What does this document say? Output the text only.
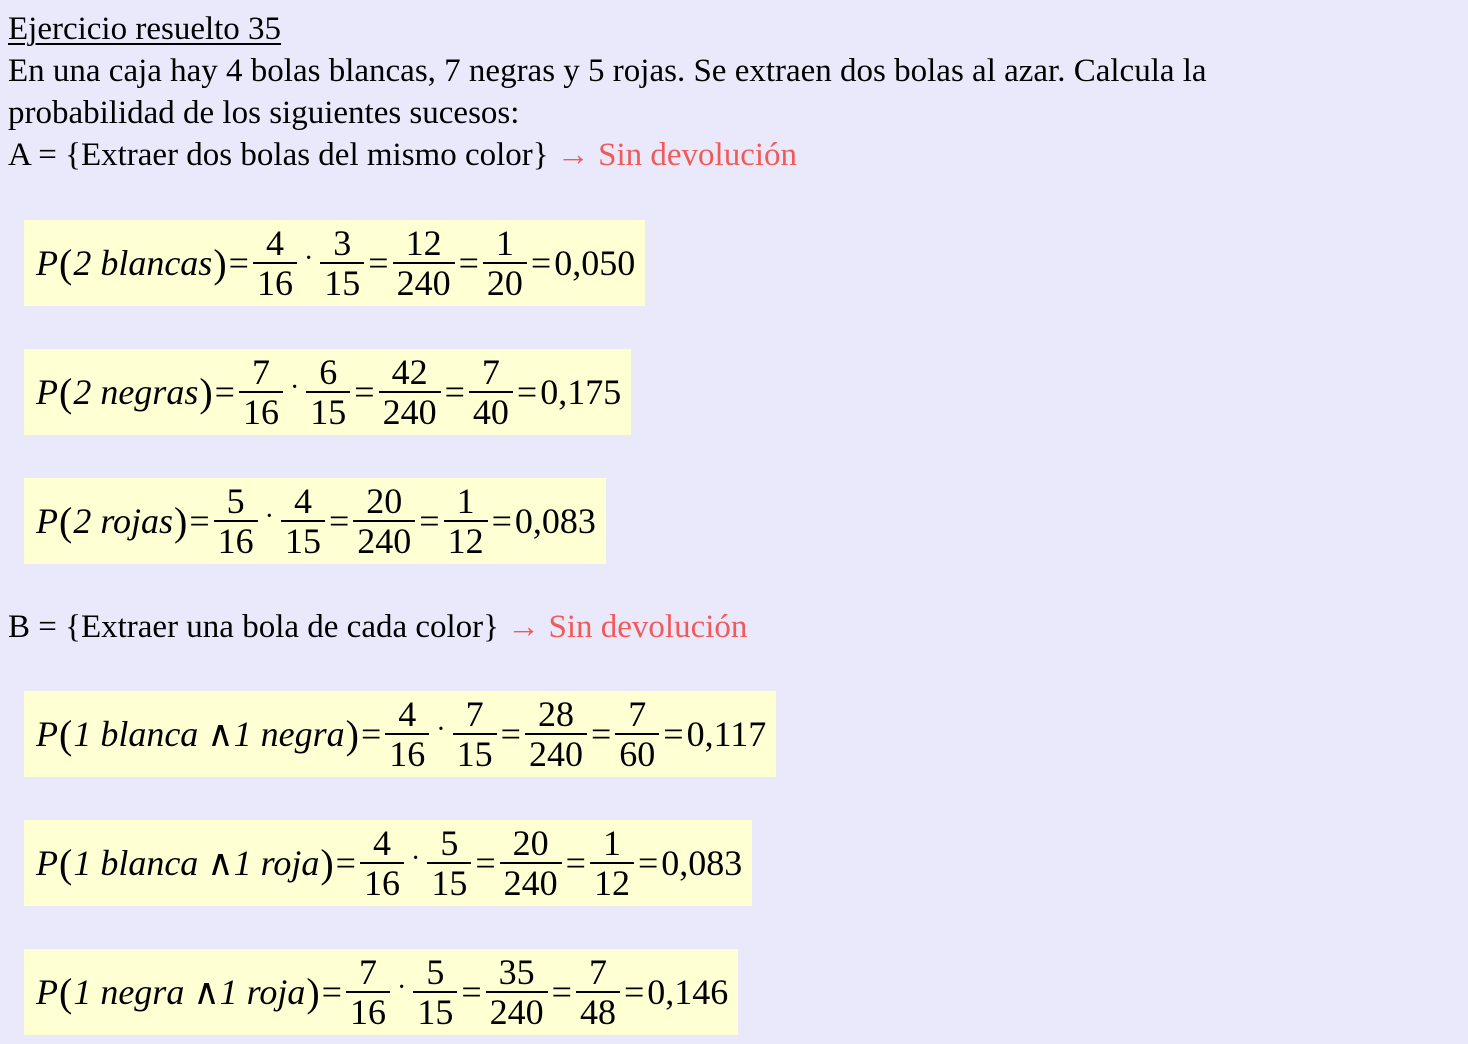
Ejercicio resuelto 35
En una caja hay 4 bolas blancas, 7 negras y 5 rojas. Se extraen dos bolas al azar. Calcula la
probabilidad de los siguientes sucesos:
A = {Extraer dos bolas del mismo color} → Sin devolución
P ( 2 blancas ) = $\frac{4}{16} \cdot \frac{3}{15} = \frac{12}{240} = \frac{1}{20} = 0,050$
P ( 2 negras ) = $\frac{7}{16} \cdot \frac{6}{15} = \frac{42}{240} = \frac{7}{40} = 0,175$
P ( 2 rojas ) = $\frac{5}{16} \cdot \frac{4}{15} = \frac{20}{240} = \frac{1}{12} = 0,083$
B = {Extraer una bola de cada color} → Sin devolución
P ( 1 blanca ∧1 negra ) = $\frac{4}{16} \cdot \frac{7}{15} = \frac{28}{240} = \frac{7}{60} = 0,117$
P ( 1 blanca ∧1 roja ) = $\frac{4}{16} \cdot \frac{5}{15} = \frac{20}{240} = \frac{1}{12} = 0,083$
P ( 1 negra ∧1 roja ) = $\frac{7}{16} \cdot \frac{5}{15} = \frac{35}{240} = \frac{7}{48} = 0,146$
